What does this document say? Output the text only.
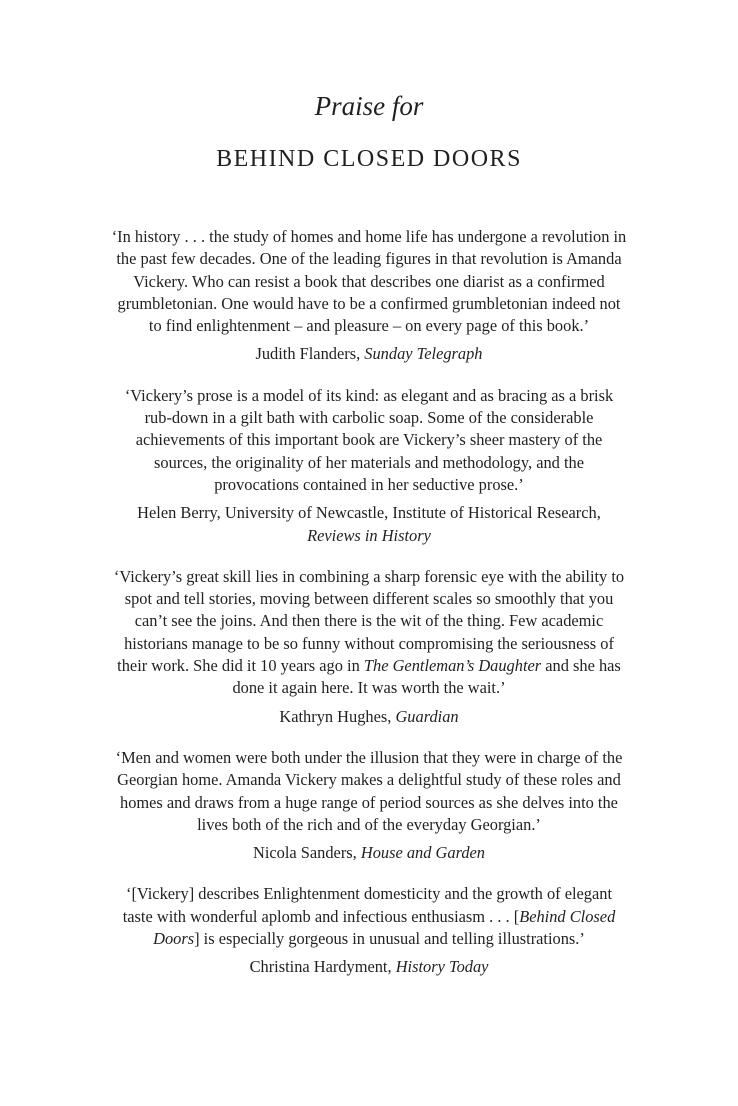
Praise for
BEHIND CLOSED DOORS

‘In history . . . the study of homes and home life has undergone a revolution in
the past few decades. One of the leading figures in that revolution is Amanda
Vickery. Who can resist a book that describes one diarist as a confirmed
grumbletonian. One would have to be a confirmed grumbletonian indeed not
to find enlightenment – and pleasure – on every page of this book.’

Judith Flanders, Sunday Telegraph

‘Vickery’s prose is a model of its kind: as elegant and as bracing as a brisk
rub-down in a gilt bath with carbolic soap. Some of the considerable
achievements of this important book are Vickery’s sheer mastery of the
sources, the originality of her materials and methodology, and the
provocations contained in her seductive prose.’

Helen Berry, University of Newcastle, Institute of Historical Research,
Reviews in History

‘Vickery’s great skill lies in combining a sharp forensic eye with the ability to
spot and tell stories, moving between different scales so smoothly that you
can’t see the joins. And then there is the wit of the thing. Few academic
historians manage to be so funny without compromising the seriousness of
their work. She did it 10 years ago in The Gentleman’s Daughter and she has
done it again here. It was worth the wait.’

Kathryn Hughes, Guardian

‘Men and women were both under the illusion that they were in charge of the
Georgian home. Amanda Vickery makes a delightful study of these roles and
homes and draws from a huge range of period sources as she delves into the
lives both of the rich and of the everyday Georgian.’

Nicola Sanders, House and Garden

‘[Vickery] describes Enlightenment domesticity and the growth of elegant
taste with wonderful aplomb and infectious enthusiasm . . . [Behind Closed
Doors] is especially gorgeous in unusual and telling illustrations.’

Christina Hardyment, History Today
